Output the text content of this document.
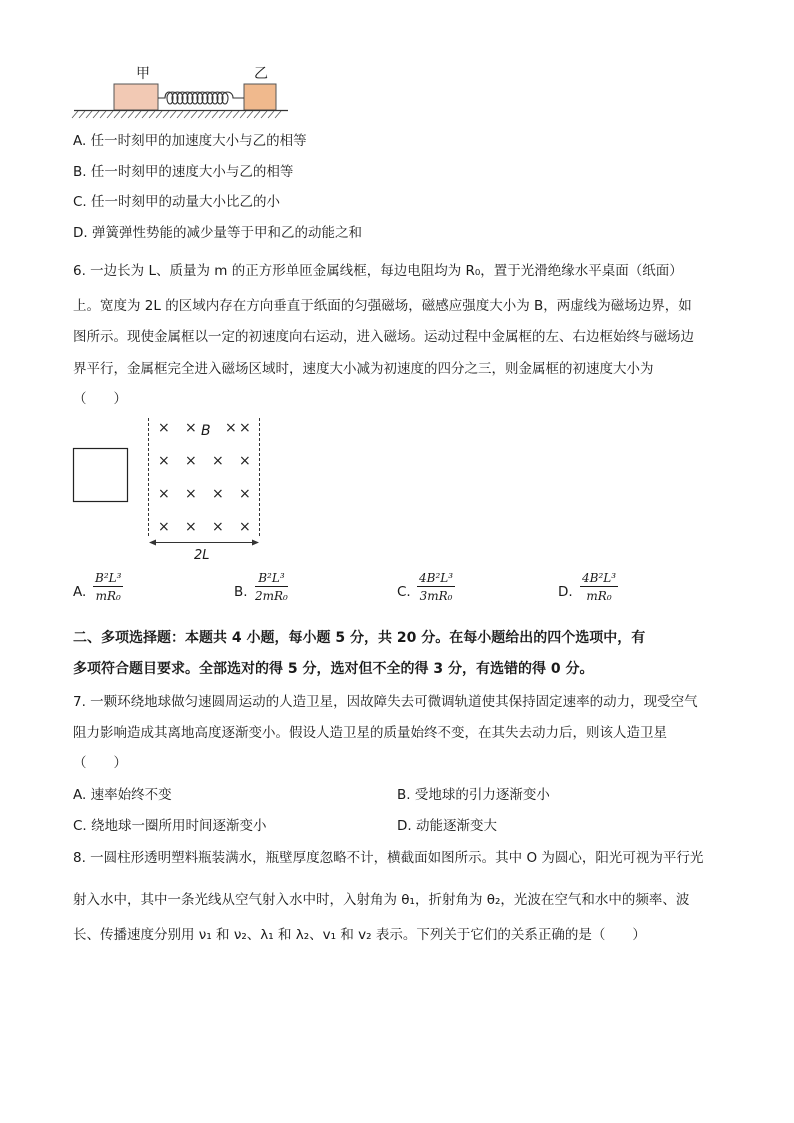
甲	乙
A. 任一时刻甲的加速度大小与乙的相等
B. 任一时刻甲的速度大小与乙的相等
C. 任一时刻甲的动量大小比乙的小
D. 弹簧弹性势能的减少量等于甲和乙的动能之和
6. 一边长为 L、质量为 m 的正方形单匝金属线框，每边电阻均为 R₀，置于光滑绝缘水平桌面（纸面）
上。宽度为 2L 的区域内存在方向垂直于纸面的匀强磁场，磁感应强度大小为 B，两虚线为磁场边界，如
图所示。现使金属框以一定的初速度向右运动，进入磁场。运动过程中金属框的左、右边框始终与磁场边
界平行，金属框完全进入磁场区域时，速度大小减为初速度的四分之三，则金属框的初速度大小为
（　　）
× ×	×
× × × ×
× × × ×
× × × ×
×
B
2L
A. $\frac{\text{B²L³}}{\text{mR₀}}$	B. $\frac{\text{B²L³}}{\text{2mR₀}}$	C. $\frac{\text{4B²L³}}{\text{3mR₀}}$	D. $\frac{\text{4B²L³}}{\text{mR₀}}$
二、多项选择题：本题共 4 小题，每小题 5 分，共 20 分。在每小题给出的四个选项中，有
多项符合题目要求。全部选对的得 5 分，选对但不全的得 3 分，有选错的得 0 分。
7. 一颗环绕地球做匀速圆周运动的人造卫星，因故障失去可微调轨道使其保持固定速率的动力，现受空气
阻力影响造成其离地高度逐渐变小。假设人造卫星的质量始终不变，在其失去动力后，则该人造卫星
（　　）
A. 速率始终不变	B. 受地球的引力逐渐变小
C. 绕地球一圈所用时间逐渐变小	D. 动能逐渐变大
8. 一圆柱形透明塑料瓶装满水，瓶壁厚度忽略不计，横截面如图所示。其中 O 为圆心，阳光可视为平行光
射入水中，其中一条光线从空气射入水中时，入射角为 θ₁，折射角为 θ₂，光波在空气和水中的频率、波
长、传播速度分别用 ν₁ 和 ν₂、λ₁ 和 λ₂、v₁ 和 v₂ 表示。下列关于它们的关系正确的是（　　）
